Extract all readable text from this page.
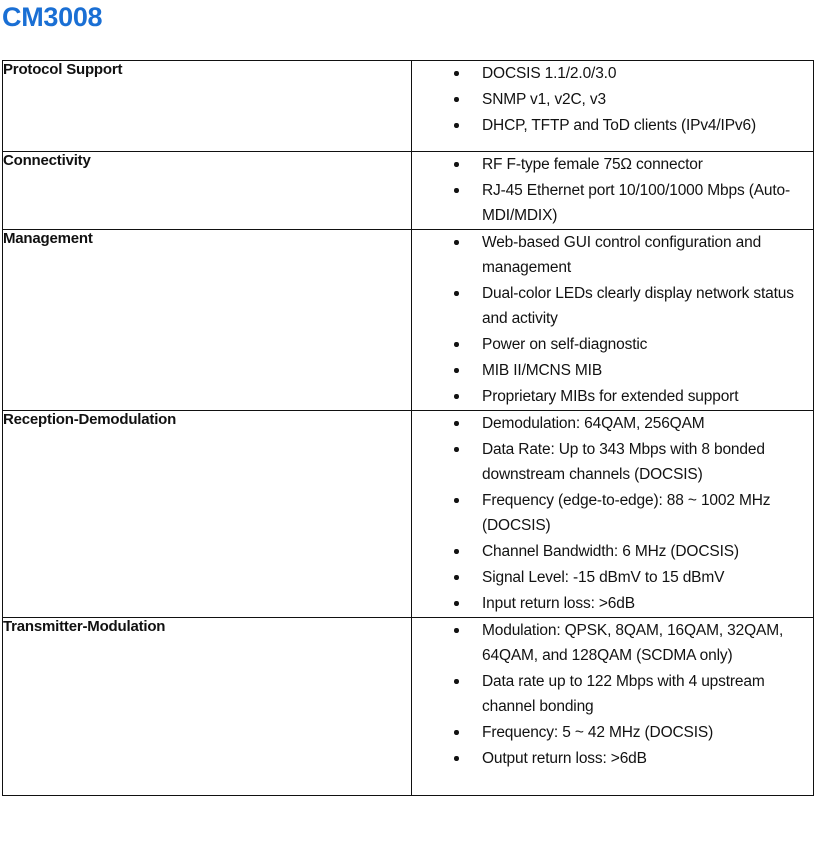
CM3008
Protocol Support	DOCSIS 1.1/2.0/3.0
SNMP v1, v2C, v3
DHCP, TFTP and ToD clients (IPv4/IPv6)

Connectivity	RF F-type female 75Ω connector
RJ-45 Ethernet port 10/100/1000 Mbps (Auto-MDI/MDIX)

Management	Web-based GUI control configuration and management
Dual-color LEDs clearly display network status and activity
Power on self-diagnostic
MIB II/MCNS MIB
Proprietary MIBs for extended support

Reception-Demodulation	Demodulation: 64QAM, 256QAM
Data Rate: Up to 343 Mbps with 8 bonded downstream channels (DOCSIS)
Frequency (edge-to-edge): 88 ~ 1002 MHz (DOCSIS)
Channel Bandwidth: 6 MHz (DOCSIS)
Signal Level: -15 dBmV to 15 dBmV
Input return loss: >6dB

Transmitter-Modulation	Modulation: QPSK, 8QAM, 16QAM, 32QAM, 64QAM, and 128QAM (SCDMA only)
Data rate up to 122 Mbps with 4 upstream channel bonding
Frequency: 5 ~ 42 MHz (DOCSIS)
Output return loss: >6dB
